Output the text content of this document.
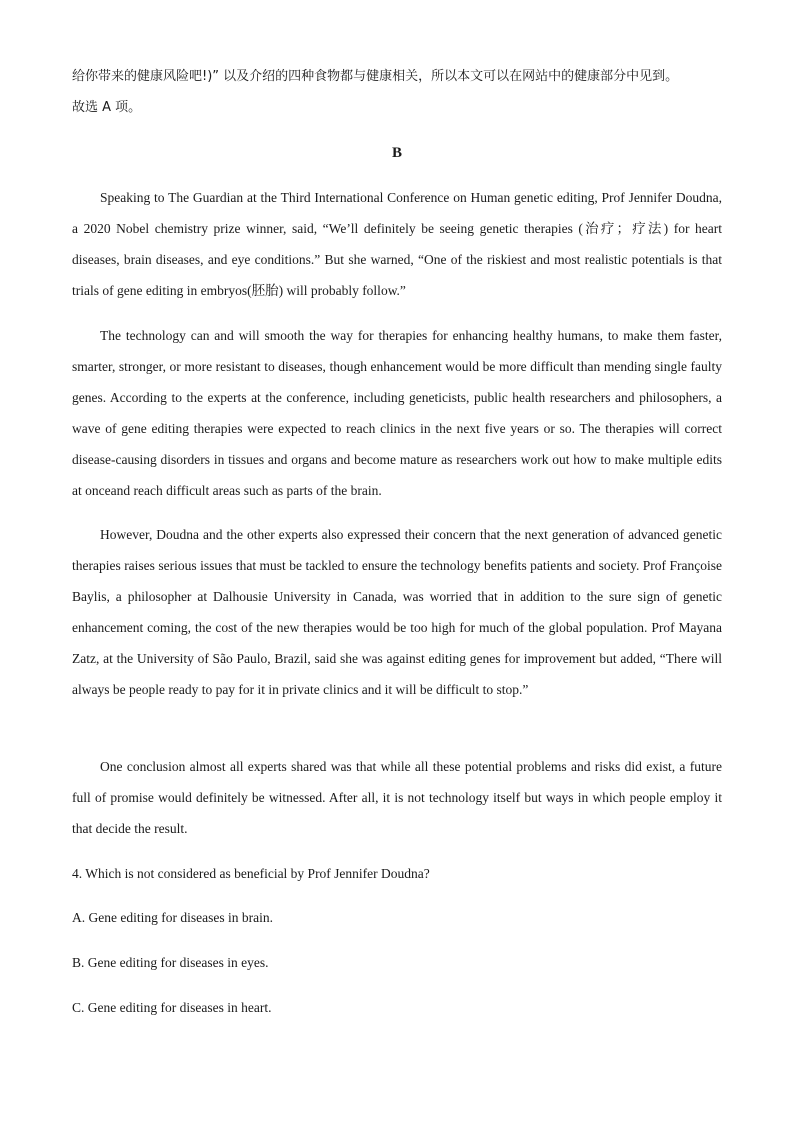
给你带来的健康风险吧!)” 以及介绍的四种食物都与健康相关，所以本文可以在网站中的健康部分中见到。
故选 A 项。

B

Speaking to The Guardian at the Third International Conference on Human genetic editing, Prof Jennifer Doudna, a 2020 Nobel chemistry prize winner, said, “We’ll definitely be seeing genetic therapies (治疗；疗法) for heart diseases, brain diseases, and eye conditions.” But she warned, “One of the riskiest and most realistic potentials is that trials of gene editing in embryos(胚胎) will probably follow.”

The technology can and will smooth the way for therapies for enhancing healthy humans, to make them faster, smarter, stronger, or more resistant to diseases, though enhancement would be more difficult than mending single faulty genes. According to the experts at the conference, including geneticists, public health researchers and philosophers, a wave of gene editing therapies were expected to reach clinics in the next five years or so. The therapies will correct disease-causing disorders in tissues and organs and become mature as researchers work out how to make multiple edits at onceand reach difficult areas such as parts of the brain.

However, Doudna and the other experts also expressed their concern that the next generation of advanced genetic therapies raises serious issues that must be tackled to ensure the technology benefits patients and society. Prof Françoise Baylis, a philosopher at Dalhousie University in Canada, was worried that in addition to the sure sign of genetic enhancement coming, the cost of the new therapies would be too high for much of the global population. Prof Mayana Zatz, at the University of São Paulo, Brazil, said she was against editing genes for improvement but added, “There will always be people ready to pay for it in private clinics and it will be difficult to stop.”

One conclusion almost all experts shared was that while all these potential problems and risks did exist, a future full of promise would definitely be witnessed. After all, it is not technology itself but ways in which people employ it that decide the result.

4. Which is not considered as beneficial by Prof Jennifer Doudna?

A. Gene editing for diseases in brain.

B. Gene editing for diseases in eyes.

C. Gene editing for diseases in heart.
